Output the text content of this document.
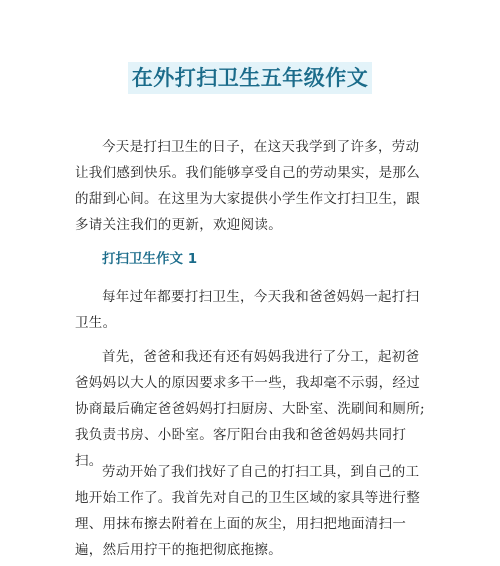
在外打扫卫生五年级作文

今天是打扫卫生的日子，在这天我学到了许多，劳动让我们感到快乐。我们能够享受自己的劳动果实，是那么的甜到心间。在这里为大家提供小学生作文打扫卫生，跟多请关注我们的更新，欢迎阅读。

打扫卫生作文 1

每年过年都要打扫卫生，今天我和爸爸妈妈一起打扫卫生。

首先，爸爸和我还有还有妈妈我进行了分工，起初爸爸妈妈以大人的原因要求多干一些，我却毫不示弱，经过协商最后确定爸爸妈妈打扫厨房、大卧室、洗刷间和厕所;我负责书房、小卧室。客厅阳台由我和爸爸妈妈共同打扫。

劳动开始了我们找好了自己的打扫工具，到自己的工地开始工作了。我首先对自己的卫生区域的家具等进行整理、用抹布擦去附着在上面的灰尘，用扫把地面清扫一遍，然后用拧干的拖把彻底拖擦。
